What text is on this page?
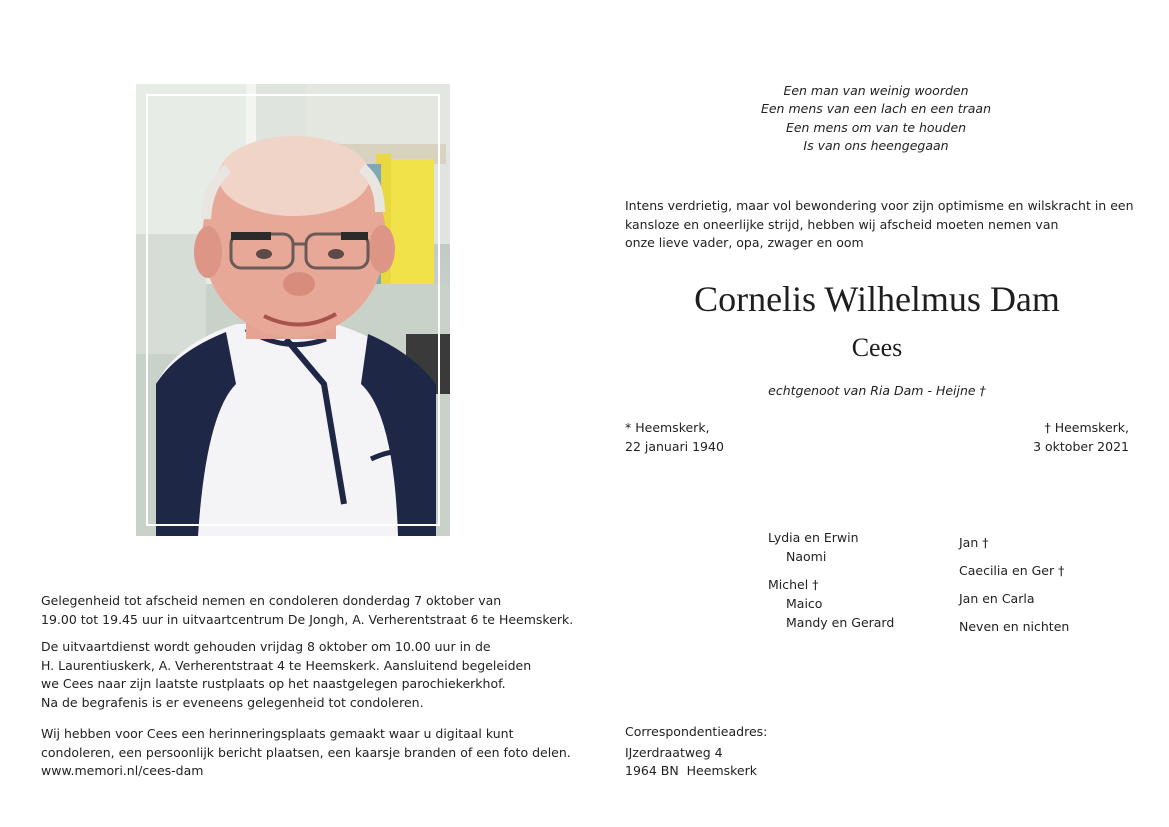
Een man van weinig woorden
Een mens van een lach en een traan
Een mens om van te houden
Is van ons heengegaan
Intens verdrietig, maar vol bewondering voor zijn optimisme en wilskracht in een
kansloze en oneerlijke strijd, hebben wij afscheid moeten nemen van
onze lieve vader, opa, zwager en oom
Cornelis Wilhelmus Dam
Cees
echtgenoot van Ria Dam - Heijne †
* Heemskerk,
22 januari 1940
† Heemskerk,
3 oktober 2021
Lydia en Erwin
Naomi
Michel †
Maico
Mandy en Gerard
Jan †
Caecilia en Ger †
Jan en Carla
Neven en nichten
Gelegenheid tot afscheid nemen en condoleren donderdag 7 oktober van
19.00 tot 19.45 uur in uitvaartcentrum De Jongh, A. Verherentstraat 6 te Heemskerk.
De uitvaartdienst wordt gehouden vrijdag 8 oktober om 10.00 uur in de
H. Laurentiuskerk, A. Verherentstraat 4 te Heemskerk. Aansluitend begeleiden
we Cees naar zijn laatste rustplaats op het naastgelegen parochiekerkhof.
Na de begrafenis is er eveneens gelegenheid tot condoleren.
Wij hebben voor Cees een herinneringsplaats gemaakt waar u digitaal kunt
condoleren, een persoonlijk bericht plaatsen, een kaarsje branden of een foto delen.
www.memori.nl/cees-dam
Correspondentieadres:
IJzerdraatweg 4
1964 BN  Heemskerk
